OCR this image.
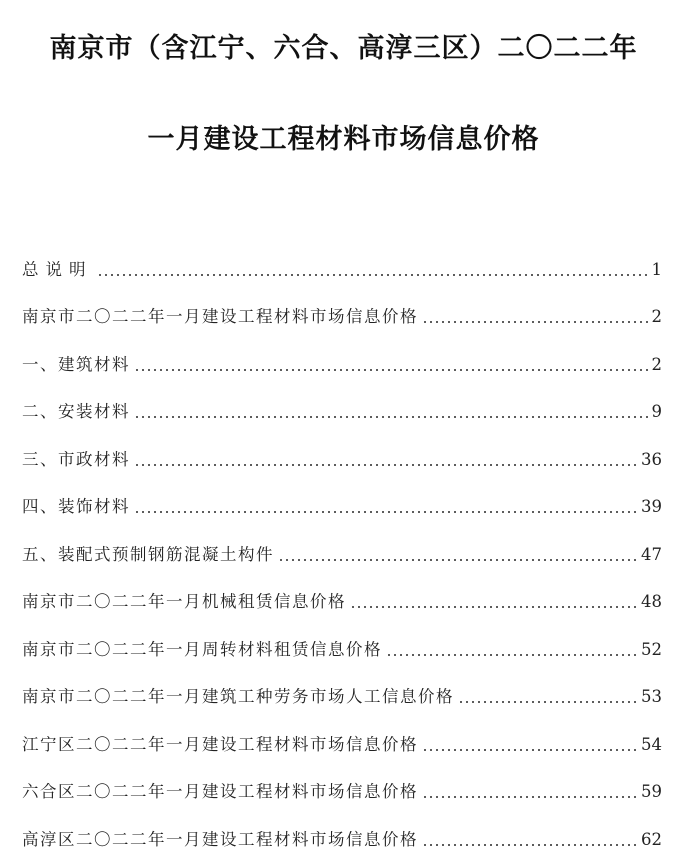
南京市（含江宁、六合、高淳三区）二〇二二年
一月建设工程材料市场信息价格
总说明	1
南京市二〇二二年一月建设工程材料市场信息价格	2
一、建筑材料	2
二、安装材料	9
三、市政材料	36
四、装饰材料	39
五、装配式预制钢筋混凝土构件	47
南京市二〇二二年一月机械租赁信息价格	48
南京市二〇二二年一月周转材料租赁信息价格	52
南京市二〇二二年一月建筑工种劳务市场人工信息价格	53
江宁区二〇二二年一月建设工程材料市场信息价格	54
六合区二〇二二年一月建设工程材料市场信息价格	59
高淳区二〇二二年一月建设工程材料市场信息价格	62
